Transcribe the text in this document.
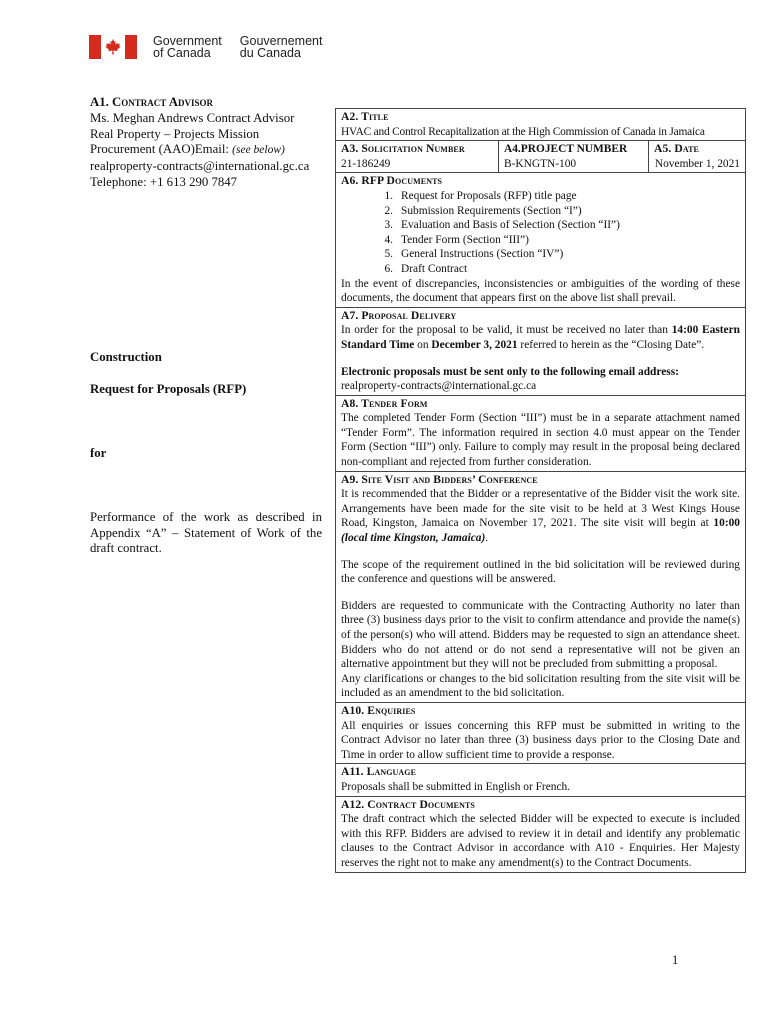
Government
of Canada
Gouvernement
du Canada
A1. Contract Advisor
Ms. Meghan Andrews Contract Advisor
Real Property – Projects Mission
Procurement (AAO)Email: (see below)
realproperty-contracts@international.gc.ca
Telephone: +1 613 290 7847
Construction
Request for Proposals (RFP)
for
Performance of the work as described in Appendix “A” – Statement of Work of the draft contract.
A2. Title
HVAC and Control Recapitalization at the High Commission of Canada in Jamaica
A3. Solicitation Number
21-186249
A4.PROJECT NUMBER
B-KNGTN-100
A5. Date
November 1, 2021
A6. RFP Documents
1. Request for Proposals (RFP) title page
2. Submission Requirements (Section “I”)
3. Evaluation and Basis of Selection (Section “II”)
4. Tender Form (Section “III”)
5. General Instructions (Section “IV”)
6. Draft Contract
In the event of discrepancies, inconsistencies or ambiguities of the wording of these documents, the document that appears first on the above list shall prevail.
A7. Proposal Delivery
In order for the proposal to be valid, it must be received no later than 14:00 Eastern Standard Time on December 3, 2021 referred to herein as the “Closing Date”.
Electronic proposals must be sent only to the following email address:
realproperty-contracts@international.gc.ca
A8. Tender Form
The completed Tender Form (Section “III”) must be in a separate attachment named “Tender Form”. The information required in section 4.0 must appear on the Tender Form (Section “III”) only. Failure to comply may result in the proposal being declared non-compliant and rejected from further consideration.
A9. Site Visit and Bidders’ Conference
It is recommended that the Bidder or a representative of the Bidder visit the work site. Arrangements have been made for the site visit to be held at 3 West Kings House Road, Kingston, Jamaica on November 17, 2021. The site visit will begin at 10:00 (local time Kingston, Jamaica).
The scope of the requirement outlined in the bid solicitation will be reviewed during the conference and questions will be answered.
Bidders are requested to communicate with the Contracting Authority no later than three (3) business days prior to the visit to confirm attendance and provide the name(s) of the person(s) who will attend. Bidders may be requested to sign an attendance sheet. Bidders who do not attend or do not send a representative will not be given an alternative appointment but they will not be precluded from submitting a proposal.
Any clarifications or changes to the bid solicitation resulting from the site visit will be included as an amendment to the bid solicitation.
A10. Enquiries
All enquiries or issues concerning this RFP must be submitted in writing to the Contract Advisor no later than three (3) business days prior to the Closing Date and Time in order to allow sufficient time to provide a response.
A11. Language
Proposals shall be submitted in English or French.
A12. Contract Documents
The draft contract which the selected Bidder will be expected to execute is included with this RFP. Bidders are advised to review it in detail and identify any problematic clauses to the Contract Advisor in accordance with A10 - Enquiries. Her Majesty reserves the right not to make any amendment(s) to the Contract Documents.
1
